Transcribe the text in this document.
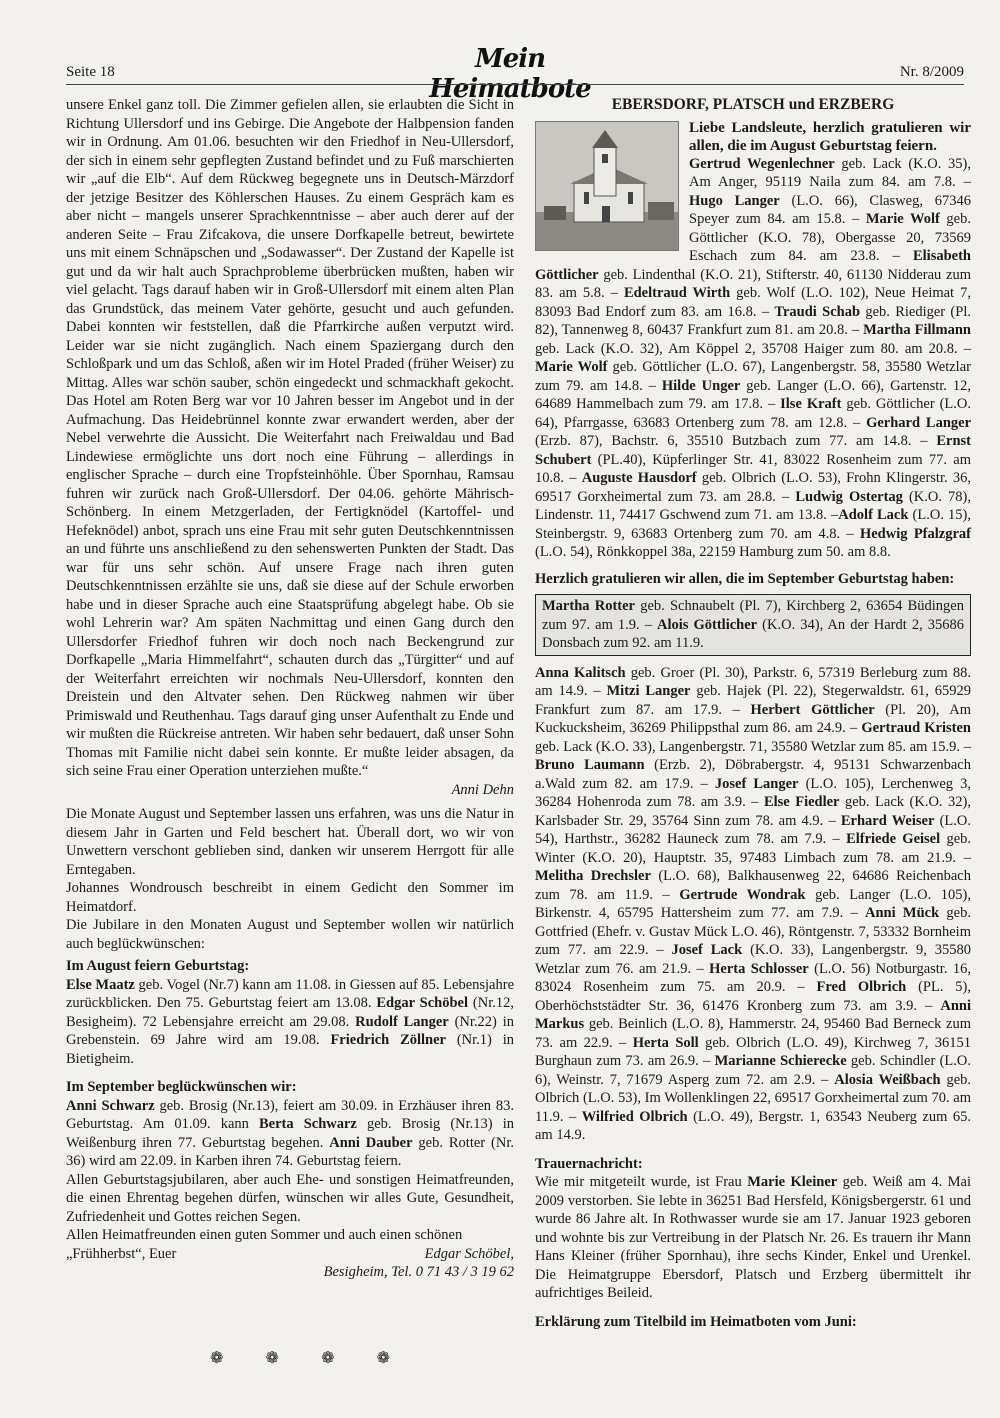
Seite 18	Mein Heimatbote
Nr. 8/2009

unsere Enkel ganz toll. Die Zimmer gefielen allen, sie erlaubten die Sicht in Richtung Ullersdorf und ins Gebirge. Die Angebote der Halbpension fanden wir in Ordnung. Am 01.06. besuchten wir den Friedhof in Neu-Ullersdorf, der sich in einem sehr gepflegten Zustand befindet und zu Fuß marschierten wir „auf die Elb“. Auf dem Rückweg begegnete uns in Deutsch-Märzdorf der jetzige Besitzer des Köhlerschen Hauses. Zu einem Gespräch kam es aber nicht – mangels unserer Sprachkenntnisse – aber auch derer auf der anderen Seite – Frau Zifcakova, die unsere Dorfkapelle betreut, bewirtete uns mit einem Schnäpschen und „Sodawasser“. Der Zustand der Kapelle ist gut und da wir halt auch Sprachprobleme überbrücken mußten, haben wir viel gelacht. Tags darauf haben wir in Groß-Ullersdorf mit einem alten Plan das Grundstück, das meinem Vater gehörte, gesucht und auch gefunden. Dabei konnten wir feststellen, daß die Pfarrkirche außen verputzt wird. Leider war sie nicht zugänglich. Nach einem Spaziergang durch den Schloßpark und um das Schloß, aßen wir im Hotel Praded (früher Weiser) zu Mittag. Alles war schön sauber, schön eingedeckt und schmackhaft gekocht. Das Hotel am Roten Berg war vor 10 Jahren besser im Angebot und in der Aufmachung. Das Heidebrünnel konnte zwar erwandert werden, aber der Nebel verwehrte die Aussicht. Die Weiterfahrt nach Freiwaldau und Bad Lindewiese ermöglichte uns dort noch eine Führung – allerdings in englischer Sprache – durch eine Tropfsteinhöhle. Über Spornhau, Ramsau fuhren wir zurück nach Groß-Ullersdorf. Der 04.06. gehörte Mährisch-Schönberg. In einem Metzgerladen, der Fertigknödel (Kartoffel- und Hefeknödel) anbot, sprach uns eine Frau mit sehr guten Deutschkenntnissen an und führte uns anschließend zu den sehenswerten Punkten der Stadt. Das war für uns sehr schön. Auf unsere Frage nach ihren guten Deutschkenntnissen erzählte sie uns, daß sie diese auf der Schule erworben habe und in dieser Sprache auch eine Staatsprüfung abgelegt habe. Ob sie wohl Lehrerin war? Am späten Nachmittag und einen Gang durch den Ullersdorfer Friedhof fuhren wir doch noch nach Beckengrund zur Dorfkapelle „Maria Himmelfahrt“, schauten durch das „Türgitter“ und auf der Weiterfahrt erreichten wir nochmals Neu-Ullersdorf, konnten den Dreistein und den Altvater sehen. Den Rückweg nahmen wir über Primiswald und Reuthenhau. Tags darauf ging unser Aufenthalt zu Ende und wir mußten die Rückreise antreten. Wir haben sehr bedauert, daß unser Sohn Thomas mit Familie nicht dabei sein konnte. Er mußte leider absagen, da sich seine Frau einer Operation unterziehen mußte.“

Anni Dehn

Die Monate August und September lassen uns erfahren, was uns die Natur in diesem Jahr in Garten und Feld beschert hat. Überall dort, wo wir von Unwettern verschont geblieben sind, danken wir unserem Herrgott für alle Erntegaben.

Johannes Wondrousch beschreibt in einem Gedicht den Sommer im Heimatdorf.

Die Jubilare in den Monaten August und September wollen wir natürlich auch beglückwünschen:

Im August feiern Geburtstag:

Else Maatz geb. Vogel (Nr.7) kann am 11.08. in Giessen auf 85. Lebensjahre zurückblicken. Den 75. Geburtstag feiert am 13.08. Edgar Schöbel (Nr.12, Besigheim). 72 Lebensjahre erreicht am 29.08. Rudolf Langer (Nr.22) in Grebenstein. 69 Jahre wird am 19.08. Friedrich Zöllner (Nr.1) in Bietigheim.

Im September beglückwünschen wir:

Anni Schwarz geb. Brosig (Nr.13), feiert am 30.09. in Erzhäuser ihren 83. Geburtstag. Am 01.09. kann Berta Schwarz geb. Brosig (Nr.13) in Weißenburg ihren 77. Geburtstag begehen. Anni Dauber geb. Rotter (Nr. 36) wird am 22.09. in Karben ihren 74. Geburtstag feiern.

Allen Geburtstagsjubilaren, aber auch Ehe- und sonstigen Heimatfreunden, die einen Ehrentag begehen dürfen, wünschen wir alles Gute, Gesundheit, Zufriedenheit und Gottes reichen Segen.

Allen Heimatfreunden einen guten Sommer und auch einen schönen

„Frühherbst“, Euer	Edgar Schöbel,

Besigheim, Tel. 0 71 43 / 3 19 62

❁	❁	❁	❁
EBERSDORF, PLATSCH und ERZBERG

Liebe Landsleute, herzlich gratulieren wir allen, die im August Geburtstag feiern.

Gertrud Wegenlechner geb. Lack (K.O. 35), Am Anger, 95119 Naila zum 84. am 7.8. – Hugo Langer (L.O. 66), Clasweg, 67346 Speyer zum 84. am 15.8. – Marie Wolf geb. Göttlicher (K.O. 78), Obergasse 20, 73569 Eschach zum 84. am 23.8. – Elisabeth Göttlicher geb. Lindenthal (K.O. 21), Stifterstr. 40, 61130 Nidderau zum 83. am 5.8. – Edeltraud Wirth geb. Wolf (L.O. 102), Neue Heimat 7, 83093 Bad Endorf zum 83. am 16.8. – Traudi Schab geb. Riediger (Pl. 82), Tannenweg 8, 60437 Frankfurt zum 81. am 20.8. – Martha Fillmann geb. Lack (K.O. 32), Am Köppel 2, 35708 Haiger zum 80. am 20.8. – Marie Wolf geb. Göttlicher (L.O. 67), Langenbergstr. 58, 35580 Wetzlar zum 79. am 14.8. – Hilde Unger geb. Langer (L.O. 66), Gartenstr. 12, 64689 Hammelbach zum 79. am 17.8. – Ilse Kraft geb. Göttlicher (L.O. 64), Pfarrgasse, 63683 Ortenberg zum 78. am 12.8. – Gerhard Langer (Erzb. 87), Bachstr. 6, 35510 Butzbach zum 77. am 14.8. – Ernst Schubert (PL.40), Küpferlinger Str. 41, 83022 Rosenheim zum 77. am 10.8. – Auguste Hausdorf geb. Olbrich (L.O. 53), Frohn Klingerstr. 36, 69517 Gorxheimertal zum 73. am 28.8. – Ludwig Ostertag (K.O. 78), Lindenstr. 11, 74417 Gschwend zum 71. am 13.8. –Adolf Lack (L.O. 15), Steinbergstr. 9, 63683 Ortenberg zum 70. am 4.8. – Hedwig Pfalzgraf (L.O. 54), Rönkkoppel 38a, 22159 Hamburg zum 50. am 8.8.

Herzlich gratulieren wir allen, die im September Geburtstag haben:

Martha Rotter geb. Schnaubelt (Pl. 7), Kirchberg 2, 63654 Büdingen zum 97. am 1.9. – Alois Göttlicher (K.O. 34), An der Hardt 2, 35686 Donsbach zum 92. am 11.9.

Anna Kalitsch geb. Groer (Pl. 30), Parkstr. 6, 57319 Berleburg zum 88. am 14.9. – Mitzi Langer geb. Hajek (Pl. 22), Stegerwaldstr. 61, 65929 Frankfurt zum 87. am 17.9. – Herbert Göttlicher (Pl. 20), Am Kuckucksheim, 36269 Philippsthal zum 86. am 24.9. – Gertraud Kristen geb. Lack (K.O. 33), Langenbergstr. 71, 35580 Wetzlar zum 85. am 15.9. – Bruno Laumann (Erzb. 2), Döbrabergstr. 4, 95131 Schwarzenbach a.Wald zum 82. am 17.9. – Josef Langer (L.O. 105), Lerchenweg 3, 36284 Hohenroda zum 78. am 3.9. – Else Fiedler geb. Lack (K.O. 32), Karlsbader Str. 29, 35764 Sinn zum 78. am 4.9. – Erhard Weiser (L.O. 54), Harthstr., 36282 Hauneck zum 78. am 7.9. – Elfriede Geisel geb. Winter (K.O. 20), Hauptstr. 35, 97483 Limbach zum 78. am 21.9. – Melitha Drechsler (L.O. 68), Balkhausenweg 22, 64686 Reichenbach zum 78. am 11.9. – Gertrude Wondrak geb. Langer (L.O. 105), Birkenstr. 4, 65795 Hattersheim zum 77. am 7.9. – Anni Mück geb. Gottfried (Ehefr. v. Gustav Mück L.O. 46), Röntgenstr. 7, 53332 Bornheim zum 77. am 22.9. – Josef Lack (K.O. 33), Langenbergstr. 9, 35580 Wetzlar zum 76. am 21.9. – Herta Schlosser (L.O. 56) Notburgastr. 16, 83024 Rosenheim zum 75. am 20.9. – Fred Olbrich (PL. 5), Oberhöchststädter Str. 36, 61476 Kronberg zum 73. am 3.9. – Anni Markus geb. Beinlich (L.O. 8), Hammerstr. 24, 95460 Bad Berneck zum 73. am 22.9. – Herta Soll geb. Olbrich (L.O. 49), Kirchweg 7, 36151 Burghaun zum 73. am 26.9. – Marianne Schierecke geb. Schindler (L.O. 6), Weinstr. 7, 71679 Asperg zum 72. am 2.9. – Alosia Weißbach geb. Olbrich (L.O. 53), Im Wollenklingen 22, 69517 Gorxheimertal zum 70. am 11.9. – Wilfried Olbrich (L.O. 49), Bergstr. 1, 63543 Neuberg zum 65. am 14.9.

Trauernachricht:

Wie mir mitgeteilt wurde, ist Frau Marie Kleiner geb. Weiß am 4. Mai 2009 verstorben. Sie lebte in 36251 Bad Hersfeld, Königsbergerstr. 61 und wurde 86 Jahre alt. In Rothwasser wurde sie am 17. Januar 1923 geboren und wohnte bis zur Vertreibung in der Platsch Nr. 26. Es trauern ihr Mann Hans Kleiner (früher Spornhau), ihre sechs Kinder, Enkel und Urenkel. Die Heimatgruppe Ebersdorf, Platsch und Erzberg übermittelt ihr aufrichtiges Beileid.

Erklärung zum Titelbild im Heimatboten vom Juni:
